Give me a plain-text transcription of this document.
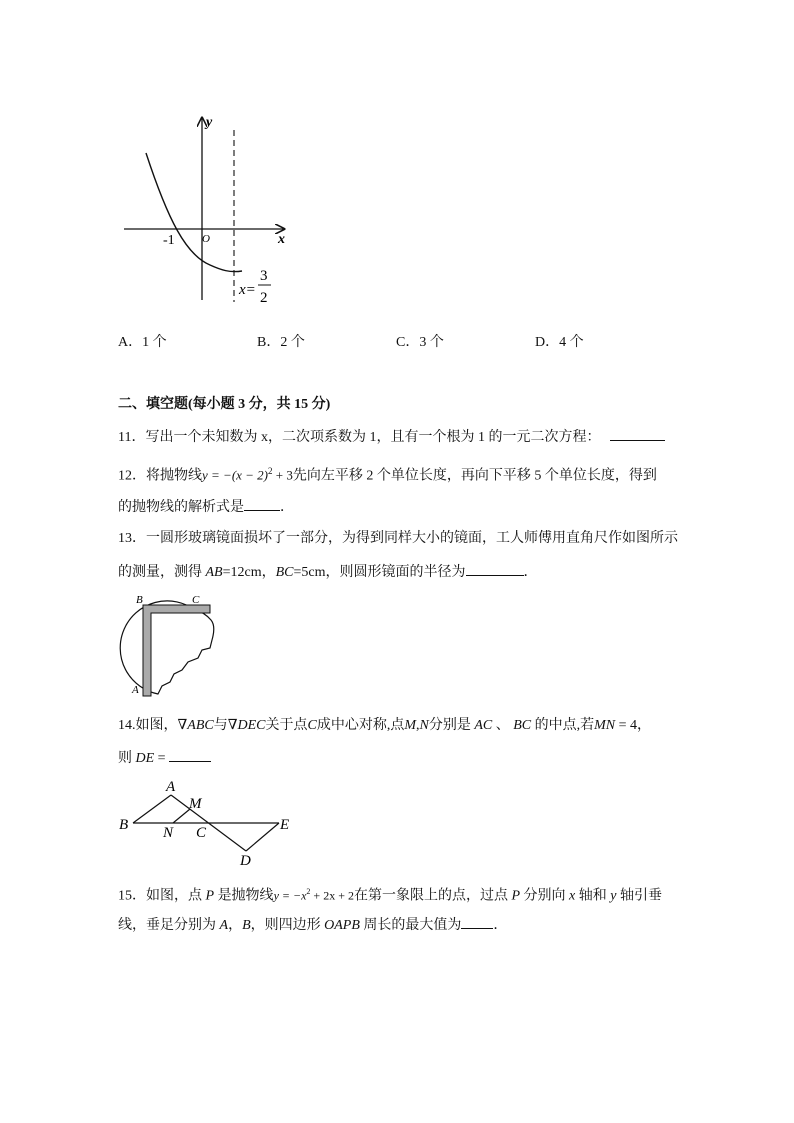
y
x
O
-1
x=
3
2
A．1 个	B．2 个	C．3 个	D．4 个
二、填空题(每小题 3 分，共 15 分)
11．写出一个未知数为 x，二次项系数为 1，且有一个根为 1 的一元二次方程：
12．将抛物线$y = -(x - 2)^2 + 3$先向左平移 2 个单位长度，再向下平移 5 个单位长度，得到
的抛物线的解析式是	．
13．一圆形玻璃镜面损坏了一部分，为得到同样大小的镜面，工人师傅用直角尺作如图所示
的测量，测得 AB=12cm，BC=5cm，则圆形镜面的半径为	．
B	C
A
14.如图，∇ABC与∇DEC关于点C成中心对称,点M,N分别是 AC 、 BC 的中点,若MN = 4，
则 DE =
A
M
B N C	E
D
15．如图，点 P 是抛物线$y = -x^2 + 2x + 2$在第一象限上的点，过点 P 分别向 x 轴和 y 轴引垂
线，垂足分别为 A，B，则四边形 OAPB 周长的最大值为 ．
